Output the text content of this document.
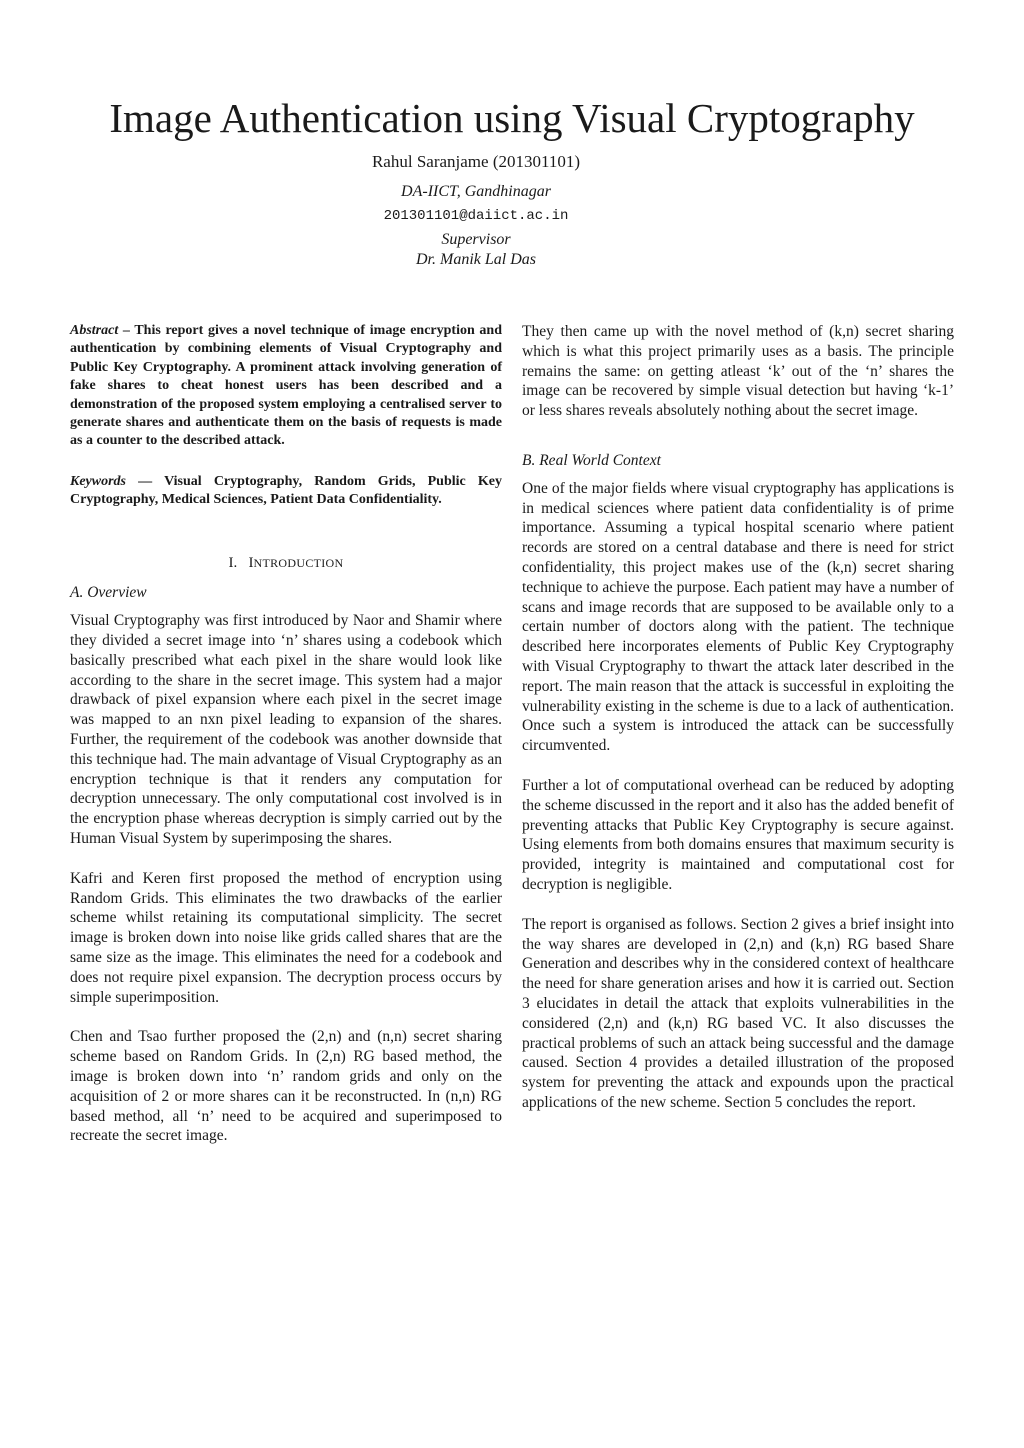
Image Authentication using Visual Cryptography
Rahul Saranjame (201301101)
DA-IICT, Gandhinagar
201301101@daiict.ac.in
Supervisor
Dr. Manik Lal Das

Abstract – This report gives a novel technique of image encryption and authentication by combining elements of Visual Cryptography and Public Key Cryptography. A prominent attack involving generation of fake shares to cheat honest users has been described and a demonstration of the proposed system employing a centralised server to generate shares and authenticate them on the basis of requests is made as a counter to the described attack.

Keywords — Visual Cryptography, Random Grids, Public Key Cryptography, Medical Sciences, Patient Data Confidentiality.

I. INTRODUCTION

A. Overview

Visual Cryptography was first introduced by Naor and Shamir where they divided a secret image into ‘n’ shares using a codebook which basically prescribed what each pixel in the share would look like according to the share in the secret image. This system had a major drawback of pixel expansion where each pixel in the secret image was mapped to an nxn pixel leading to expansion of the shares. Further, the requirement of the codebook was another downside that this technique had. The main advantage of Visual Cryptography as an encryption technique is that it renders any computation for decryption unnecessary. The only computational cost involved is in the encryption phase whereas decryption is simply carried out by the Human Visual System by superimposing the shares.

Kafri and Keren first proposed the method of encryption using Random Grids. This eliminates the two drawbacks of the earlier scheme whilst retaining its computational simplicity. The secret image is broken down into noise like grids called shares that are the same size as the image. This eliminates the need for a codebook and does not require pixel expansion. The decryption process occurs by simple superimposition.

Chen and Tsao further proposed the (2,n) and (n,n) secret sharing scheme based on Random Grids. In (2,n) RG based method, the image is broken down into ‘n’ random grids and only on the acquisition of 2 or more shares can it be reconstructed. In (n,n) RG based method, all ‘n’ need to be acquired and superimposed to recreate the secret image.

They then came up with the novel method of (k,n) secret sharing which is what this project primarily uses as a basis. The principle remains the same: on getting atleast ‘k’ out of the ‘n’ shares the image can be recovered by simple visual detection but having ‘k-1’ or less shares reveals absolutely nothing about the secret image.

B. Real World Context

One of the major fields where visual cryptography has applications is in medical sciences where patient data confidentiality is of prime importance. Assuming a typical hospital scenario where patient records are stored on a central database and there is need for strict confidentiality, this project makes use of the (k,n) secret sharing technique to achieve the purpose. Each patient may have a number of scans and image records that are supposed to be available only to a certain number of doctors along with the patient. The technique described here incorporates elements of Public Key Cryptography with Visual Cryptography to thwart the attack later described in the report. The main reason that the attack is successful in exploiting the vulnerability existing in the scheme is due to a lack of authentication. Once such a system is introduced the attack can be successfully circumvented.

Further a lot of computational overhead can be reduced by adopting the scheme discussed in the report and it also has the added benefit of preventing attacks that Public Key Cryptography is secure against. Using elements from both domains ensures that maximum security is provided, integrity is maintained and computational cost for decryption is negligible.

The report is organised as follows. Section 2 gives a brief insight into the way shares are developed in (2,n) and (k,n) RG based Share Generation and describes why in the considered context of healthcare the need for share generation arises and how it is carried out. Section 3 elucidates in detail the attack that exploits vulnerabilities in the considered (2,n) and (k,n) RG based VC. It also discusses the practical problems of such an attack being successful and the damage caused. Section 4 provides a detailed illustration of the proposed system for preventing the attack and expounds upon the practical applications of the new scheme. Section 5 concludes the report.
